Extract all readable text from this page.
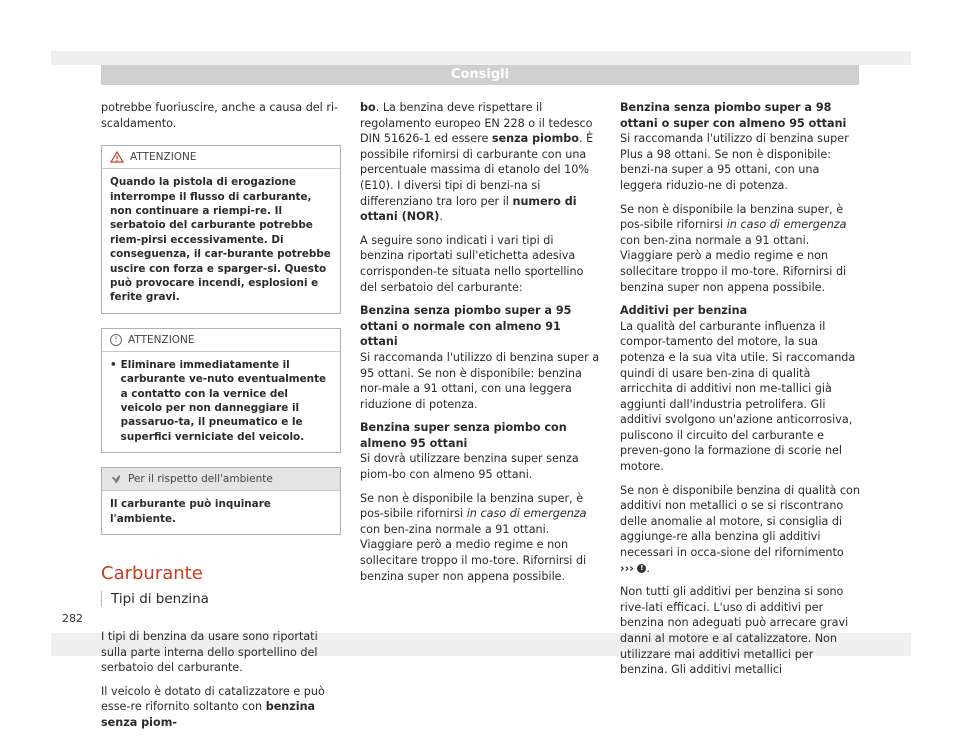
Consigli

potrebbe fuoriuscire, anche a causa del ri-scaldamento.

ATTENZIONE
Quando la pistola di erogazione interrompe il flusso di carburante, non continuare a riempi-re. Il serbatoio del carburante potrebbe riem-pirsi eccessivamente. Di conseguenza, il car-burante potrebbe uscire con forza e sparger-si. Questo può provocare incendi, esplosioni e ferite gravi.
! ATTENZIONE
• Eliminare immediatamente il carburante ve-nuto eventualmente a contatto con la vernice del veicolo per non danneggiare il passaruo-ta, il pneumatico e le superfici verniciate del veicolo.
Per il rispetto dell'ambiente
Il carburante può inquinare l'ambiente.
Carburante
Tipi di benzina

I tipi di benzina da usare sono riportati sulla parte interna dello sportellino del serbatoio del carburante.

Il veicolo è dotato di catalizzatore e può esse-re rifornito soltanto con benzina senza piom-

bo. La benzina deve rispettare il regolamento europeo EN 228 o il tedesco DIN 51626-1 ed essere senza piombo. È possibile rifornirsi di carburante con una percentuale massima di etanolo del 10% (E10). I diversi tipi di benzi-na si differenziano tra loro per il numero di ottani (NOR).

A seguire sono indicati i vari tipi di benzina riportati sull'etichetta adesiva corrisponden-te situata nello sportellino del serbatoio del carburante:

Benzina senza piombo super a 95 ottani o normale con almeno 91 ottani

Si raccomanda l'utilizzo di benzina super a 95 ottani. Se non è disponibile: benzina nor-male a 91 ottani, con una leggera riduzione di potenza.

Benzina super senza piombo con almeno 95 ottani

Si dovrà utilizzare benzina super senza piom-bo con almeno 95 ottani.

Se non è disponibile la benzina super, è pos-sibile rifornirsi in caso di emergenza con ben-zina normale a 91 ottani. Viaggiare però a medio regime e non sollecitare troppo il mo-tore. Rifornirsi di benzina super non appena possibile.

Benzina senza piombo super a 98 ottani o super con almeno 95 ottani

Si raccomanda l'utilizzo di benzina super Plus a 98 ottani. Se non è disponibile: benzi-na super a 95 ottani, con una leggera riduzio-ne di potenza.

Se non è disponibile la benzina super, è pos-sibile rifornirsi in caso di emergenza con ben-zina normale a 91 ottani. Viaggiare però a medio regime e non sollecitare troppo il mo-tore. Rifornirsi di benzina super non appena possibile.

Additivi per benzina

La qualità del carburante influenza il compor-tamento del motore, la sua potenza e la sua vita utile. Si raccomanda quindi di usare ben-zina di qualità arricchita di additivi non me-tallici già aggiunti dall'industria petrolifera. Gli additivi svolgono un'azione anticorrosiva, puliscono il circuito del carburante e preven-gono la formazione di scorie nel motore.

Se non è disponibile benzina di qualità con additivi non metallici o se si riscontrano delle anomalie al motore, si consiglia di aggiunge-re alla benzina gli additivi necessari in occa-sione del rifornimento ››› ! .

Non tutti gli additivi per benzina si sono rive-lati efficaci. L'uso di additivi per benzina non adeguati può arrecare gravi danni al motore e al catalizzatore. Non utilizzare mai additivi metallici per benzina. Gli additivi metallici

282
